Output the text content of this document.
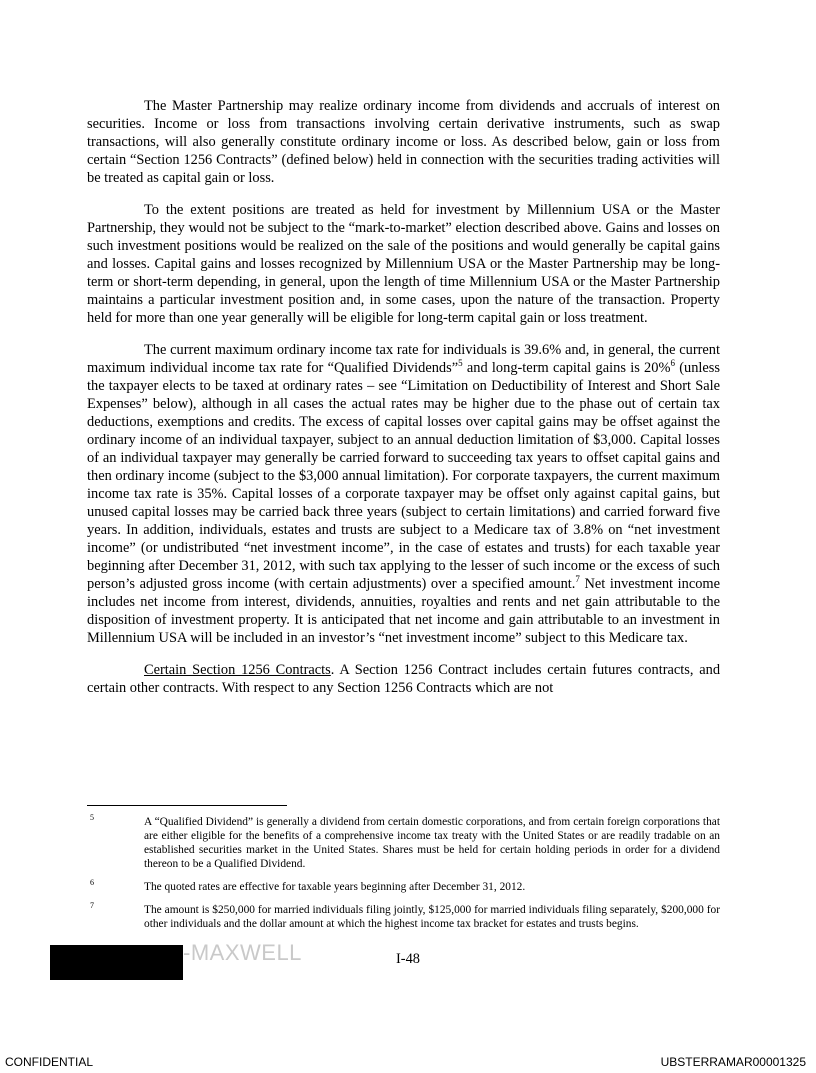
The Master Partnership may realize ordinary income from dividends and accruals of interest on securities. Income or loss from transactions involving certain derivative instruments, such as swap transactions, will also generally constitute ordinary income or loss. As described below, gain or loss from certain “Section 1256 Contracts” (defined below) held in connection with the securities trading activities will be treated as capital gain or loss.

To the extent positions are treated as held for investment by Millennium USA or the Master Partnership, they would not be subject to the “mark-to-market” election described above. Gains and losses on such investment positions would be realized on the sale of the positions and would generally be capital gains and losses. Capital gains and losses recognized by Millennium USA or the Master Partnership may be long-term or short-term depending, in general, upon the length of time Millennium USA or the Master Partnership maintains a particular investment position and, in some cases, upon the nature of the transaction. Property held for more than one year generally will be eligible for long-term capital gain or loss treatment.

The current maximum ordinary income tax rate for individuals is 39.6% and, in general, the current maximum individual income tax rate for “Qualified Dividends”$^5$ and long-term capital gains is 20%$^6$ (unless the taxpayer elects to be taxed at ordinary rates – see “Limitation on Deductibility of Interest and Short Sale Expenses” below), although in all cases the actual rates may be higher due to the phase out of certain tax deductions, exemptions and credits. The excess of capital losses over capital gains may be offset against the ordinary income of an individual taxpayer, subject to an annual deduction limitation of $3,000. Capital losses of an individual taxpayer may generally be carried forward to succeeding tax years to offset capital gains and then ordinary income (subject to the $3,000 annual limitation). For corporate taxpayers, the current maximum income tax rate is 35%. Capital losses of a corporate taxpayer may be offset only against capital gains, but unused capital losses may be carried back three years (subject to certain limitations) and carried forward five years. In addition, individuals, estates and trusts are subject to a Medicare tax of 3.8% on “net investment income” (or undistributed “net investment income”, in the case of estates and trusts) for each taxable year beginning after December 31, 2012, with such tax applying to the lesser of such income or the excess of such person’s adjusted gross income (with certain adjustments) over a specified amount.$^7$ Net investment income includes net income from interest, dividends, annuities, royalties and rents and net gain attributable to the disposition of investment property. It is anticipated that net income and gain attributable to an investment in Millennium USA will be included in an investor’s “net investment income” subject to this Medicare tax.

Certain Section 1256 Contracts. A Section 1256 Contract includes certain futures contracts, and certain other contracts. With respect to any Section 1256 Contracts which are not

5	A “Qualified Dividend” is generally a dividend from certain domestic corporations, and from certain foreign corporations that are either eligible for the benefits of a comprehensive income tax treaty with the United States or are readily tradable on an established securities market in the United States. Shares must be held for certain holding periods in order for a dividend thereon to be a Qualified Dividend.
6	The quoted rates are effective for taxable years beginning after December 31, 2012.
7	The amount is $250,000 for married individuals filing jointly, $125,000 for married individuals filing separately, $200,000 for other individuals and the dollar amount at which the highest income tax bracket for estates and trusts begins.
-MAXWELL	I-48
CONFIDENTIAL	UBSTERRAMAR00001325
